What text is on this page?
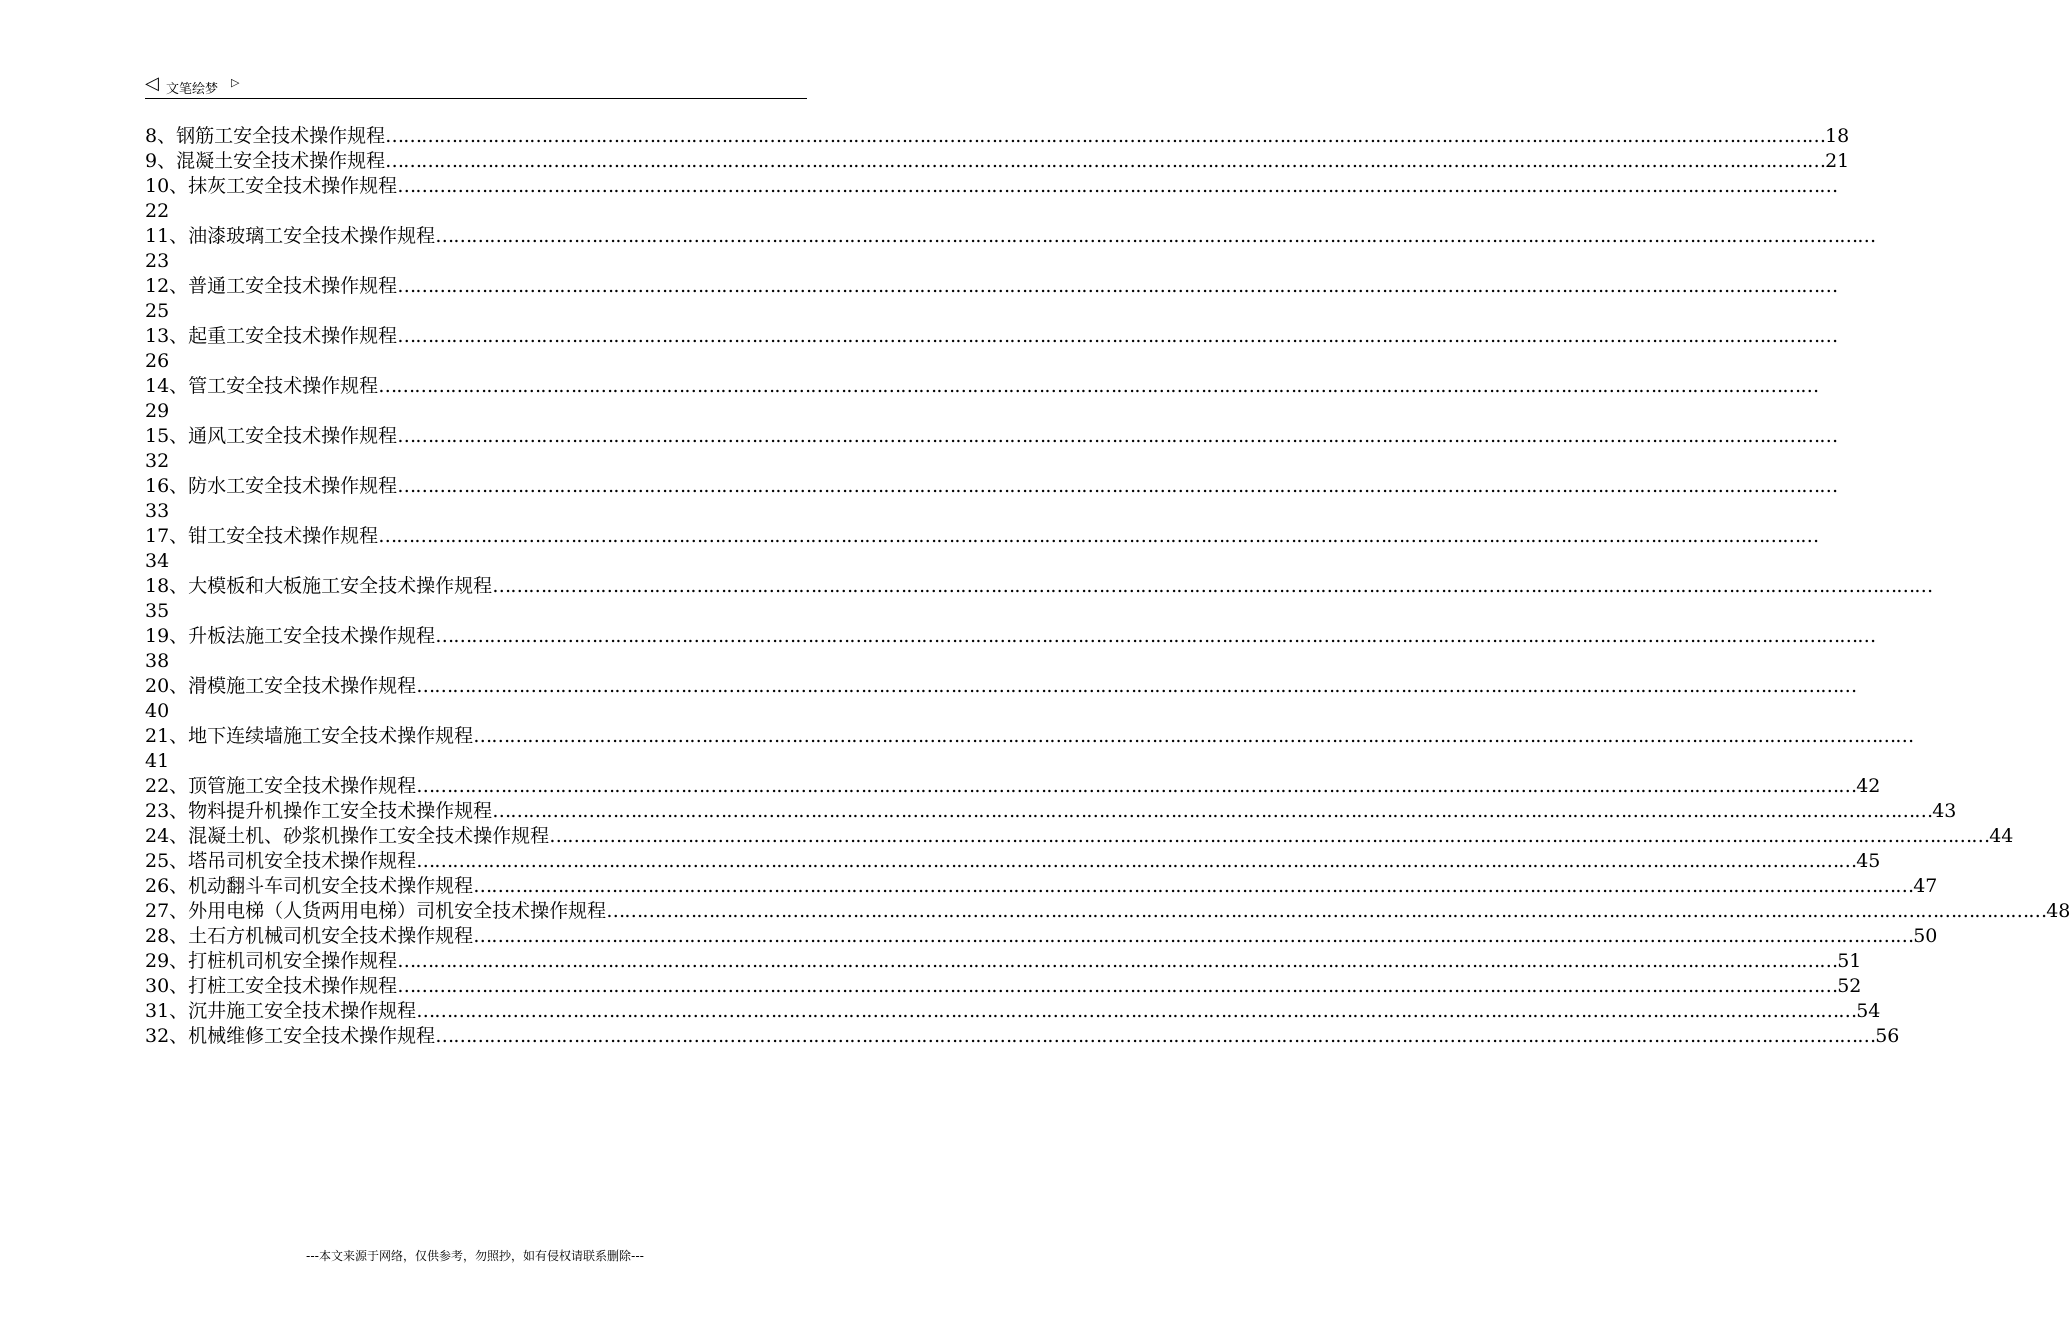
◁ 文笔绘梦 ▷
8、钢筋工安全技术操作规程 …………………………………………………………………………………………………………………………………………………………………………………………………………………… 18
9、混凝土安全技术操作规程 …………………………………………………………………………………………………………………………………………………………………………………………………………………… 21
10、抹灰工安全技术操作规程 ……………………………………………………………………………………………………………………………………………………………………………………………………………………
22
11、油漆玻璃工安全技术操作规程 ……………………………………………………………………………………………………………………………………………………………………………………………………………………
23
12、普通工安全技术操作规程 ……………………………………………………………………………………………………………………………………………………………………………………………………………………
25
13、起重工安全技术操作规程 ……………………………………………………………………………………………………………………………………………………………………………………………………………………
26
14、管工安全技术操作规程 ……………………………………………………………………………………………………………………………………………………………………………………………………………………
29
15、通风工安全技术操作规程 ……………………………………………………………………………………………………………………………………………………………………………………………………………………
32
16、防水工安全技术操作规程 ……………………………………………………………………………………………………………………………………………………………………………………………………………………
33
17、钳工安全技术操作规程 ……………………………………………………………………………………………………………………………………………………………………………………………………………………
34
18、大模板和大板施工安全技术操作规程 ……………………………………………………………………………………………………………………………………………………………………………………………………………………
35
19、升板法施工安全技术操作规程 ……………………………………………………………………………………………………………………………………………………………………………………………………………………
38
20、滑模施工安全技术操作规程 ……………………………………………………………………………………………………………………………………………………………………………………………………………………
40
21、地下连续墙施工安全技术操作规程 ……………………………………………………………………………………………………………………………………………………………………………………………………………………
41
22、顶管施工安全技术操作规程 …………………………………………………………………………………………………………………………………………………………………………………………………………………… 42
23、物料提升机操作工安全技术操作规程 …………………………………………………………………………………………………………………………………………………………………………………………………………………… 43
24、混凝土机、砂浆机操作工安全技术操作规程 …………………………………………………………………………………………………………………………………………………………………………………………………………………… 44
25、塔吊司机安全技术操作规程 …………………………………………………………………………………………………………………………………………………………………………………………………………………… 45
26、机动翻斗车司机安全技术操作规程 …………………………………………………………………………………………………………………………………………………………………………………………………………………… 47
27、外用电梯（人货两用电梯）司机安全技术操作规程 …………………………………………………………………………………………………………………………………………………………………………………………………………………… 48
28、土石方机械司机安全技术操作规程 …………………………………………………………………………………………………………………………………………………………………………………………………………………… 50
29、打桩机司机安全操作规程 …………………………………………………………………………………………………………………………………………………………………………………………………………………… 51
30、打桩工安全技术操作规程 …………………………………………………………………………………………………………………………………………………………………………………………………………………… 52
31、沉井施工安全技术操作规程 …………………………………………………………………………………………………………………………………………………………………………………………………………………… 54
32、机械维修工安全技术操作规程 …………………………………………………………………………………………………………………………………………………………………………………………………………………… 56
---本文来源于网络，仅供参考，勿照抄，如有侵权请联系删除---
